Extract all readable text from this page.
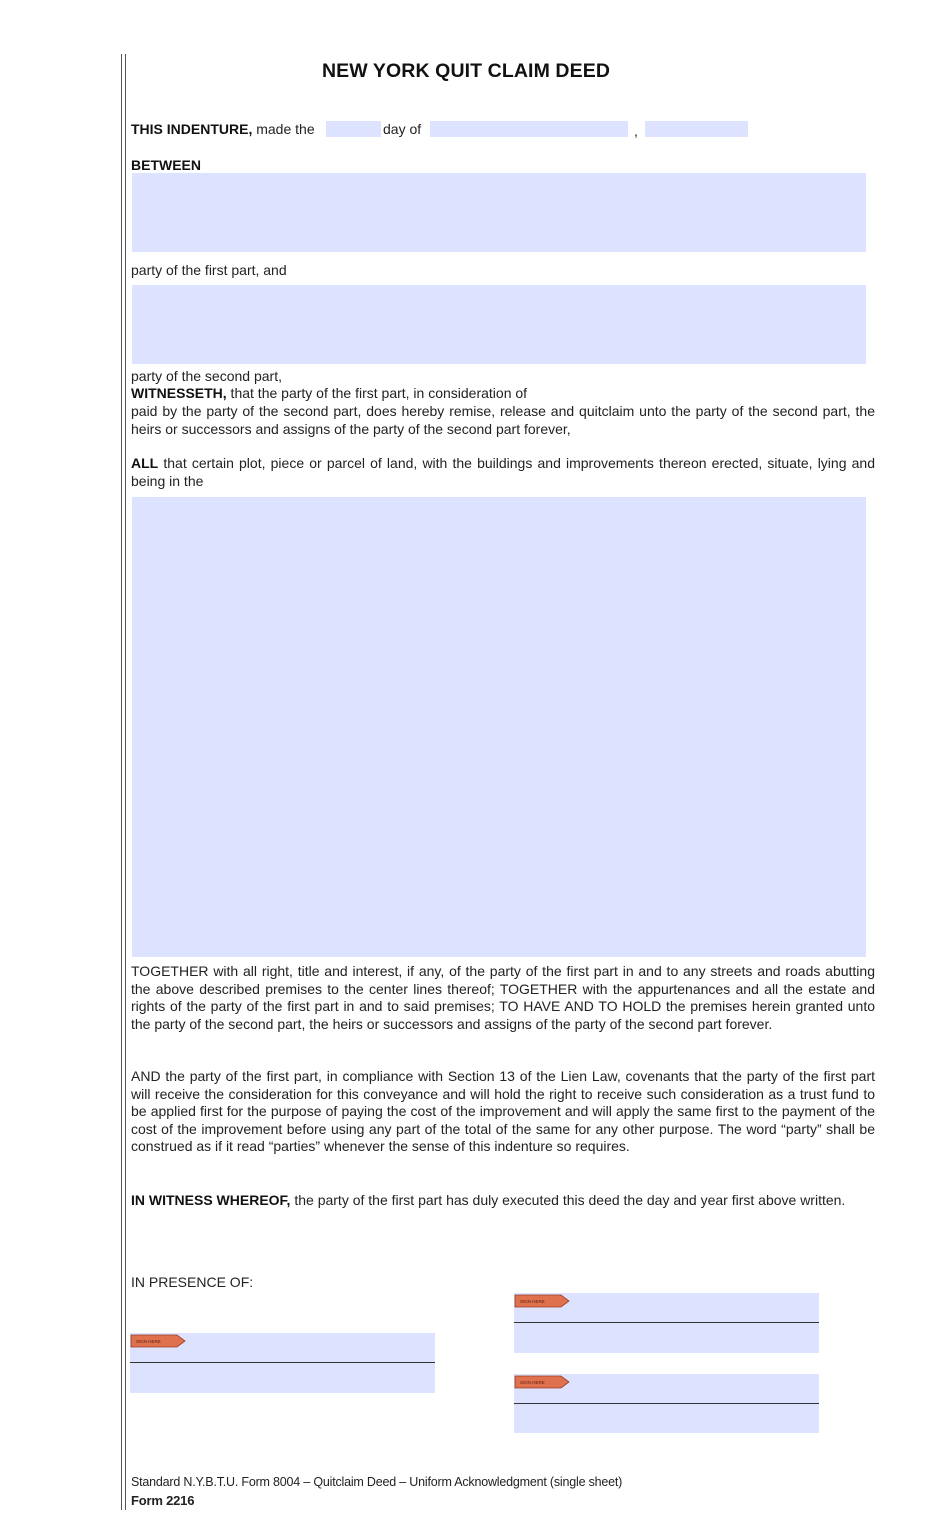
NEW YORK QUIT CLAIM DEED
THIS INDENTURE, made the	day of	,
BETWEEN
party of the first part, and
party of the second part,
WITNESSETH, that the party of the first part, in consideration of
paid by the party of the second part, does hereby remise, release and quitclaim unto the party of the second part, the heirs or successors and assigns of the party of the second part forever,
ALL that certain plot, piece or parcel of land, with the buildings and improvements thereon erected, situate, lying and being in the
TOGETHER with all right, title and interest, if any, of the party of the first part in and to any streets and roads abutting the above described premises to the center lines thereof; TOGETHER with the appurtenances and all the estate and rights of the party of the first part in and to said premises; TO HAVE AND TO HOLD the premises herein granted unto the party of the second part, the heirs or successors and assigns of the party of the second part forever.
AND the party of the first part, in compliance with Section 13 of the Lien Law, covenants that the party of the first part will receive the consideration for this conveyance and will hold the right to receive such consideration as a trust fund to be applied first for the purpose of paying the cost of the improvement and will apply the same first to the payment of the cost of the improvement before using any part of the total of the same for any other purpose. The word “party” shall be construed as if it read “parties” whenever the sense of this indenture so requires.
IN WITNESS WHEREOF, the party of the first part has duly executed this deed the day and year first above written.
IN PRESENCE OF:
SIGN HERE
SIGN HERE
SIGN HERE
Standard N.Y.B.T.U. Form 8004 – Quitclaim Deed – Uniform Acknowledgment (single sheet)
Form 2216
